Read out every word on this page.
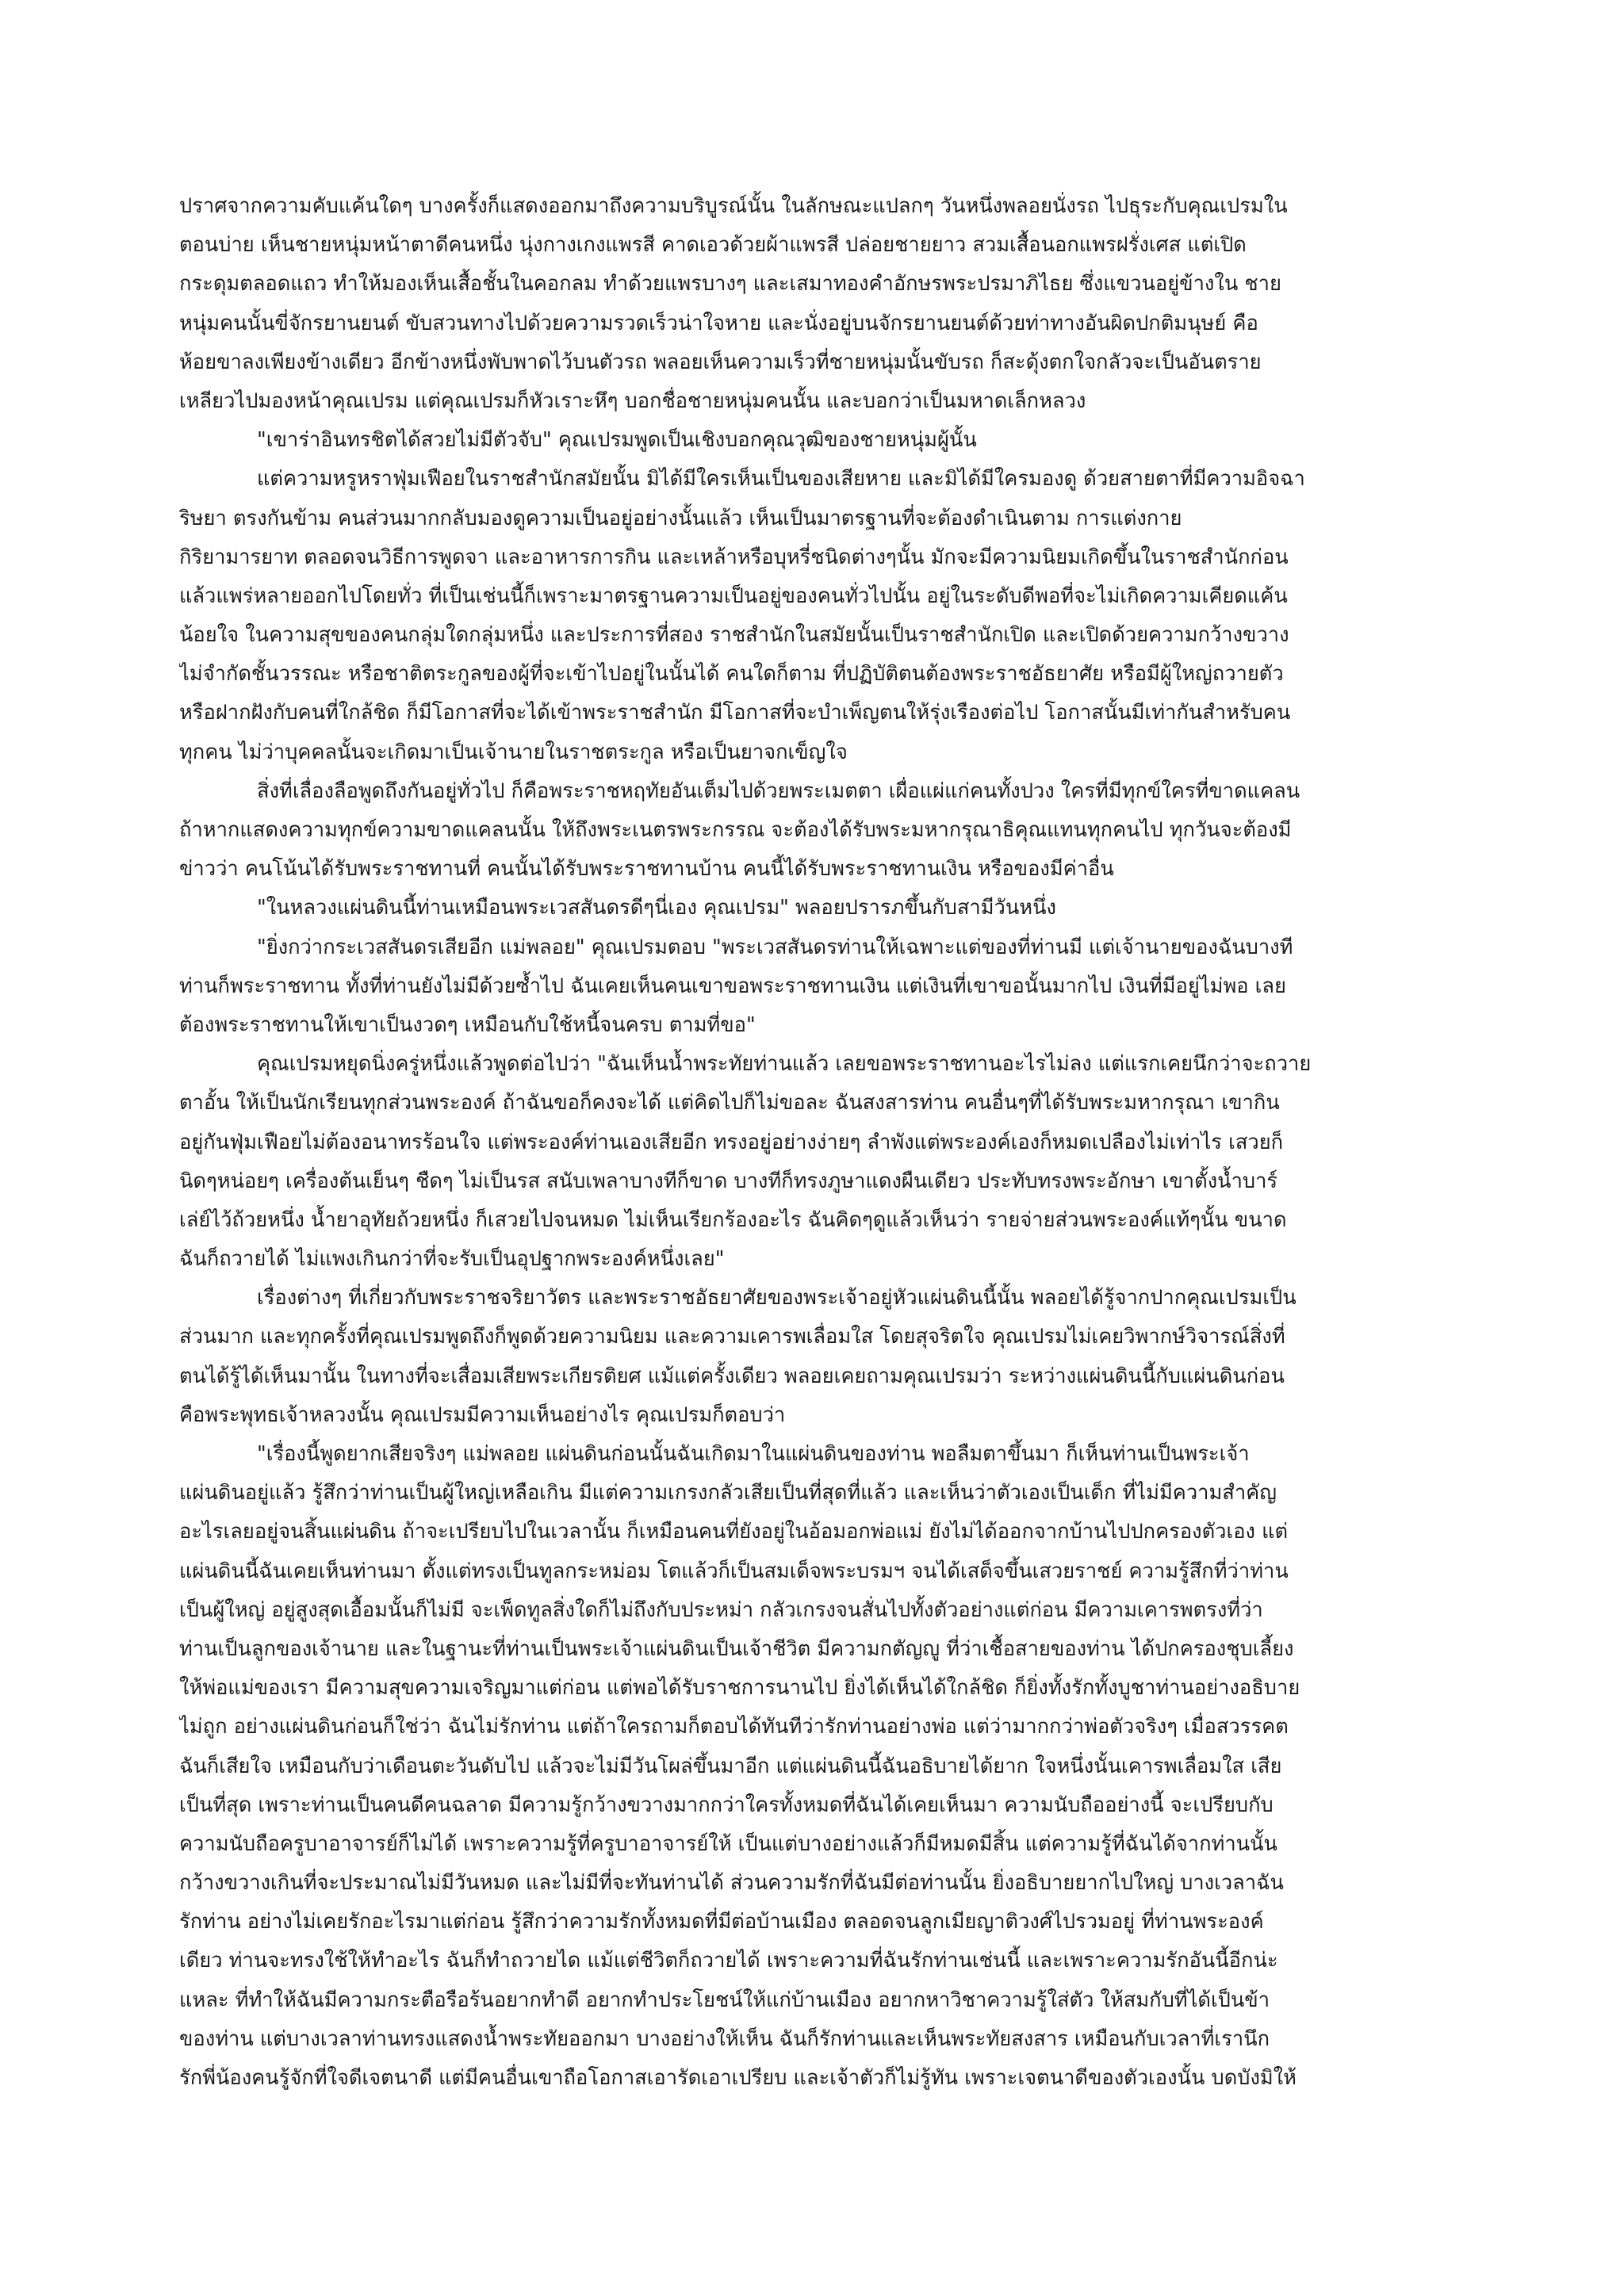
ปราศจากความคับแค้นใดๆ บางครั้งก็แสดงออกมาถึงความบริบูรณ์นั้น ในลักษณะแปลกๆ วันหนึ่งพลอยนั่งรถ ไปธุระกับคุณเปรมใน
ตอนบ่าย เห็นชายหนุ่มหน้าตาดีคนหนึ่ง นุ่งกางเกงแพรสี คาดเอวด้วยผ้าแพรสี ปล่อยชายยาว สวมเสื้อนอกแพรฝรั่งเศส แต่เปิด
กระดุมตลอดแถว ทำให้มองเห็นเสื้อชั้นในคอกลม ทำด้วยแพรบางๆ และเสมาทองคำอักษรพระปรมาภิไธย ซึ่งแขวนอยู่ข้างใน ชาย
หนุ่มคนนั้นขี่จักรยานยนต์ ขับสวนทางไปด้วยความรวดเร็วน่าใจหาย และนั่งอยู่บนจักรยานยนต์ด้วยท่าทางอันผิดปกติมนุษย์ คือ
ห้อยขาลงเพียงข้างเดียว อีกข้างหนึ่งพับพาดไว้บนตัวรถ พลอยเห็นความเร็วที่ชายหนุ่มนั้นขับรถ ก็สะดุ้งตกใจกลัวจะเป็นอันตราย
เหลียวไปมองหน้าคุณเปรม แต่คุณเปรมก็หัวเราะหึๆ บอกชื่อชายหนุ่มคนนั้น และบอกว่าเป็นมหาดเล็กหลวง
"เขาร่าอินทรชิตได้สวยไม่มีตัวจับ" คุณเปรมพูดเป็นเชิงบอกคุณวุฒิของชายหนุ่มผู้นั้น
แต่ความหรูหราฟุ่มเฟือยในราชสำนักสมัยนั้น มิได้มีใครเห็นเป็นของเสียหาย และมิได้มีใครมองดู ด้วยสายตาที่มีความอิจฉา
ริษยา ตรงกันข้าม คนส่วนมากกลับมองดูความเป็นอยู่อย่างนั้นแล้ว เห็นเป็นมาตรฐานที่จะต้องดำเนินตาม การแต่งกาย
กิริยามารยาท ตลอดจนวิธีการพูดจา และอาหารการกิน และเหล้าหรือบุหรี่ชนิดต่างๆนั้น มักจะมีความนิยมเกิดขึ้นในราชสำนักก่อน
แล้วแพร่หลายออกไปโดยทั่ว ที่เป็นเช่นนี้ก็เพราะมาตรฐานความเป็นอยู่ของคนทั่วไปนั้น อยู่ในระดับดีพอที่จะไม่เกิดความเคียดแค้น
น้อยใจ ในความสุขของคนกลุ่มใดกลุ่มหนึ่ง และประการที่สอง ราชสำนักในสมัยนั้นเป็นราชสำนักเปิด และเปิดด้วยความกว้างขวาง
ไม่จำกัดชั้นวรรณะ หรือชาติตระกูลของผู้ที่จะเข้าไปอยู่ในนั้นได้ คนใดก็ตาม ที่ปฏิบัติตนต้องพระราชอัธยาศัย หรือมีผู้ใหญ่ถวายตัว
หรือฝากฝังกับคนที่ใกล้ชิด ก็มีโอกาสที่จะได้เข้าพระราชสำนัก มีโอกาสที่จะบำเพ็ญตนให้รุ่งเรืองต่อไป โอกาสนั้นมีเท่ากันสำหรับคน
ทุกคน ไม่ว่าบุคคลนั้นจะเกิดมาเป็นเจ้านายในราชตระกูล หรือเป็นยาจกเข็ญใจ
สิ่งที่เลื่องลือพูดถึงกันอยู่ทั่วไป ก็คือพระราชหฤทัยอันเต็มไปด้วยพระเมตตา เผื่อแผ่แก่คนทั้งปวง ใครที่มีทุกข์ใครที่ขาดแคลน
ถ้าหากแสดงความทุกข์ความขาดแคลนนั้น ให้ถึงพระเนตรพระกรรณ จะต้องได้รับพระมหากรุณาธิคุณแทนทุกคนไป ทุกวันจะต้องมี
ข่าวว่า คนโน้นได้รับพระราชทานที่ คนนั้นได้รับพระราชทานบ้าน คนนี้ได้รับพระราชทานเงิน หรือของมีค่าอื่น
"ในหลวงแผ่นดินนี้ท่านเหมือนพระเวสสันดรดีๆนี่เอง คุณเปรม" พลอยปรารภขึ้นกับสามีวันหนึ่ง
"ยิ่งกว่ากระเวสสันดรเสียอีก แม่พลอย" คุณเปรมตอบ "พระเวสสันดรท่านให้เฉพาะแต่ของที่ท่านมี แต่เจ้านายของฉันบางที
ท่านก็พระราชทาน ทั้งที่ท่านยังไม่มีด้วยซ้ำไป ฉันเคยเห็นคนเขาขอพระราชทานเงิน แต่เงินที่เขาขอนั้นมากไป เงินที่มีอยู่ไม่พอ เลย
ต้องพระราชทานให้เขาเป็นงวดๆ เหมือนกับใช้หนี้จนครบ ตามที่ขอ"
คุณเปรมหยุดนิ่งครู่หนึ่งแล้วพูดต่อไปว่า "ฉันเห็นน้ำพระทัยท่านแล้ว เลยขอพระราชทานอะไรไม่ลง แต่แรกเคยนึกว่าจะถวาย
ตาอั้น ให้เป็นนักเรียนทุกส่วนพระองค์ ถ้าฉันขอก็คงจะได้ แต่คิดไปก็ไม่ขอละ ฉันสงสารท่าน คนอื่นๆที่ได้รับพระมหากรุณา เขากิน
อยู่กันฟุ่มเฟือยไม่ต้องอนาทรร้อนใจ แต่พระองค์ท่านเองเสียอีก ทรงอยู่อย่างง่ายๆ ลำพังแต่พระองค์เองก็หมดเปลืองไม่เท่าไร เสวยก็
นิดๆหน่อยๆ เครื่องต้นเย็นๆ ชืดๆ ไม่เป็นรส สนับเพลาบางทีก็ขาด บางทีก็ทรงภูษาแดงผืนเดียว ประทับทรงพระอักษา เขาตั้งน้ำบาร์
เล่ย์ไว้ถ้วยหนึ่ง น้ำยาอุทัยถ้วยหนึ่ง ก็เสวยไปจนหมด ไม่เห็นเรียกร้องอะไร ฉันคิดๆดูแล้วเห็นว่า รายจ่ายส่วนพระองค์แท้ๆนั้น ขนาด
ฉันก็ถวายได้ ไม่แพงเกินกว่าที่จะรับเป็นอุปฐากพระองค์หนึ่งเลย"
เรื่องต่างๆ ที่เกี่ยวกับพระราชจริยาวัตร และพระราชอัธยาศัยของพระเจ้าอยู่หัวแผ่นดินนี้นั้น พลอยได้รู้จากปากคุณเปรมเป็น
ส่วนมาก และทุกครั้งที่คุณเปรมพูดถึงก็พูดด้วยความนิยม และความเคารพเลื่อมใส โดยสุจริตใจ คุณเปรมไม่เคยวิพากษ์วิจารณ์สิ่งที่
ตนได้รู้ได้เห็นมานั้น ในทางที่จะเสื่อมเสียพระเกียรติยศ แม้แต่ครั้งเดียว พลอยเคยถามคุณเปรมว่า ระหว่างแผ่นดินนี้กับแผ่นดินก่อน
คือพระพุทธเจ้าหลวงนั้น คุณเปรมมีความเห็นอย่างไร คุณเปรมก็ตอบว่า
"เรื่องนี้พูดยากเสียจริงๆ แม่พลอย แผ่นดินก่อนนั้นฉันเกิดมาในแผ่นดินของท่าน พอลืมตาขึ้นมา ก็เห็นท่านเป็นพระเจ้า
แผ่นดินอยู่แล้ว รู้สึกว่าท่านเป็นผู้ใหญ่เหลือเกิน มีแต่ความเกรงกลัวเสียเป็นที่สุดที่แล้ว และเห็นว่าตัวเองเป็นเด็ก ที่ไม่มีความสำคัญ
อะไรเลยอยู่จนสิ้นแผ่นดิน ถ้าจะเปรียบไปในเวลานั้น ก็เหมือนคนที่ยังอยู่ในอ้อมอกพ่อแม่ ยังไม่ได้ออกจากบ้านไปปกครองตัวเอง แต่
แผ่นดินนี้ฉันเคยเห็นท่านมา ตั้งแต่ทรงเป็นทูลกระหม่อม โตแล้วก็เป็นสมเด็จพระบรมฯ จนได้เสด็จขึ้นเสวยราชย์ ความรู้สึกที่ว่าท่าน
เป็นผู้ใหญ่ อยู่สูงสุดเอื้อมนั้นก็ไม่มี จะเพ็ดทูลสิ่งใดก็ไม่ถึงกับประหม่า กลัวเกรงจนสั่นไปทั้งตัวอย่างแต่ก่อน มีความเคารพตรงที่ว่า
ท่านเป็นลูกของเจ้านาย และในฐานะที่ท่านเป็นพระเจ้าแผ่นดินเป็นเจ้าชีวิต มีความกตัญญู ที่ว่าเชื้อสายของท่าน ได้ปกครองชุบเลี้ยง
ให้พ่อแม่ของเรา มีความสุขความเจริญมาแต่ก่อน แต่พอได้รับราชการนานไป ยิ่งได้เห็นได้ใกล้ชิด ก็ยิ่งทั้งรักทั้งบูชาท่านอย่างอธิบาย
ไม่ถูก อย่างแผ่นดินก่อนก็ใช่ว่า ฉันไม่รักท่าน แต่ถ้าใครถามก็ตอบได้ทันทีว่ารักท่านอย่างพ่อ แต่ว่ามากกว่าพ่อตัวจริงๆ เมื่อสวรรคต
ฉันก็เสียใจ เหมือนกับว่าเดือนตะวันดับไป แล้วจะไม่มีวันโผล่ขึ้นมาอีก แต่แผ่นดินนี้ฉันอธิบายได้ยาก ใจหนึ่งนั้นเคารพเลื่อมใส เสีย
เป็นที่สุด เพราะท่านเป็นคนดีคนฉลาด มีความรู้กว้างขวางมากกว่าใครทั้งหมดที่ฉันได้เคยเห็นมา ความนับถืออย่างนี้ จะเปรียบกับ
ความนับถือครูบาอาจารย์ก็ไม่ได้ เพราะความรู้ที่ครูบาอาจารย์ให้ เป็นแต่บางอย่างแล้วก็มีหมดมีสิ้น แต่ความรู้ที่ฉันได้จากท่านนั้น
กว้างขวางเกินที่จะประมาณไม่มีวันหมด และไม่มีที่จะทันท่านได้ ส่วนความรักที่ฉันมีต่อท่านนั้น ยิ่งอธิบายยากไปใหญ่ บางเวลาฉัน
รักท่าน อย่างไม่เคยรักอะไรมาแต่ก่อน รู้สึกว่าความรักทั้งหมดที่มีต่อบ้านเมือง ตลอดจนลูกเมียญาติวงศ์ไปรวมอยู่ ที่ท่านพระองค์
เดียว ท่านจะทรงใช้ให้ทำอะไร ฉันก็ทำถวายได แม้แต่ชีวิตก็ถวายได้ เพราะความที่ฉันรักท่านเช่นนี้ และเพราะความรักอันนี้อีกน่ะ
แหละ ที่ทำให้ฉันมีความกระตือรือร้นอยากทำดี อยากทำประโยชน์ให้แก่บ้านเมือง อยากหาวิชาความรู้ใส่ตัว ให้สมกับที่ได้เป็นข้า
ของท่าน แต่บางเวลาท่านทรงแสดงน้ำพระทัยออกมา บางอย่างให้เห็น ฉันก็รักท่านและเห็นพระทัยสงสาร เหมือนกับเวลาที่เรานึก
รักพี่น้องคนรู้จักที่ใจดีเจตนาดี แต่มีคนอื่นเขาถือโอกาสเอารัดเอาเปรียบ และเจ้าตัวก็ไม่รู้ทัน เพราะเจตนาดีของตัวเองนั้น บดบังมิให้
